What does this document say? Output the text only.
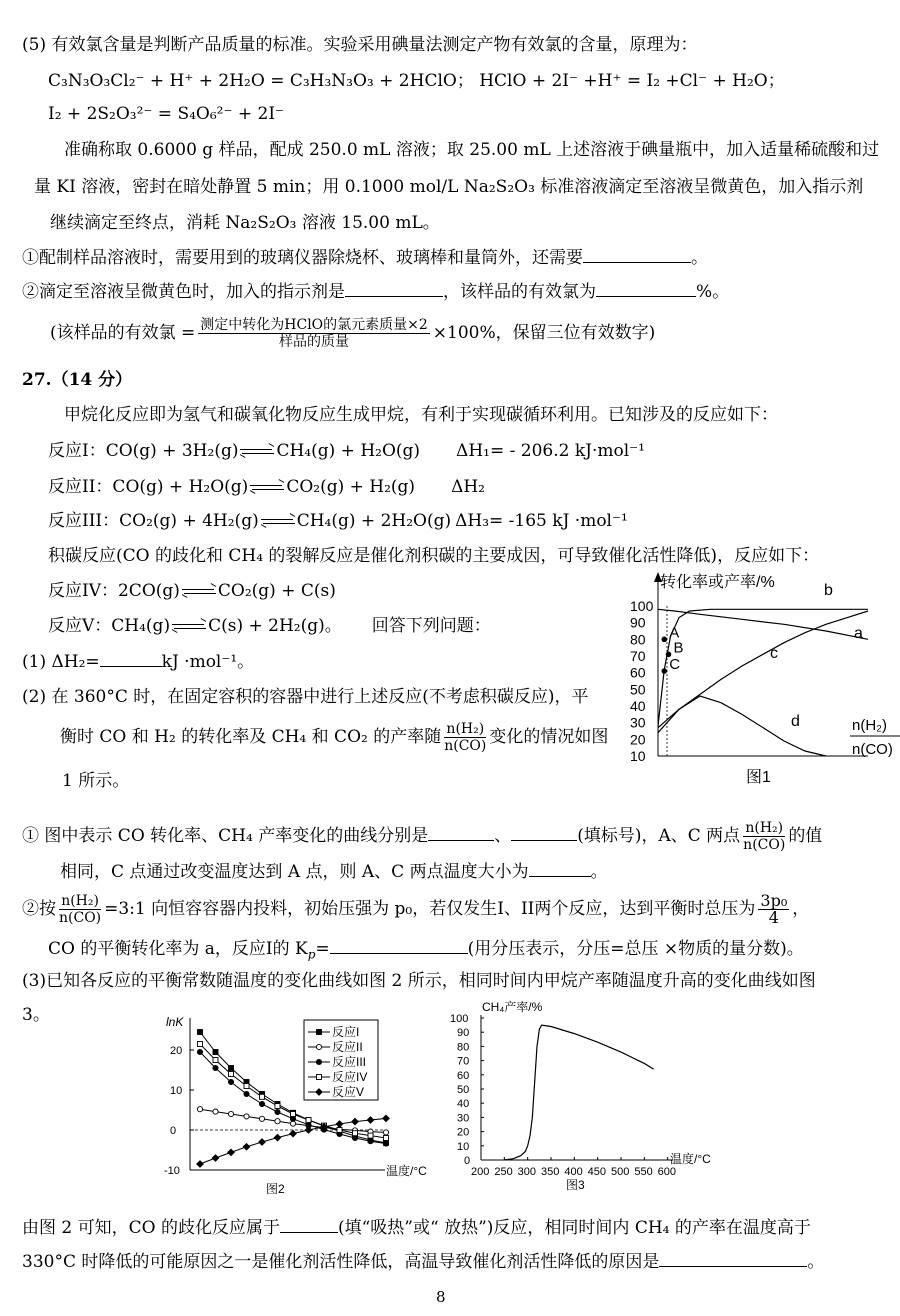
(5) 有效氯含量是判断产品质量的标准。实验采用碘量法测定产物有效氯的含量，原理为：
C₃N₃O₃Cl₂⁻ + H⁺ + 2H₂O = C₃H₃N₃O₃ + 2HClO； HClO + 2I⁻ +H⁺ = I₂ +Cl⁻ + H₂O；
I₂ + 2S₂O₃²⁻ = S₄O₆²⁻ + 2I⁻
准确称取 0.6000 g 样品，配成 250.0 mL 溶液；取 25.00 mL 上述溶液于碘量瓶中，加入适量稀硫酸和过
量 KI 溶液，密封在暗处静置 5 min；用 0.1000 mol/L Na₂S₂O₃ 标准溶液滴定至溶液呈微黄色，加入指示剂
继续滴定至终点，消耗 Na₂S₂O₃ 溶液 15.00 mL。
①配制样品溶液时，需要用到的玻璃仪器除烧杯、玻璃棒和量筒外，还需要	。
②滴定至溶液呈微黄色时，加入的指示剂是	，该样品的有效氯为	%。
(该样品的有效氯 = $\frac{\text{测定中转化为HClO的氯元素质量×2}}{\text{样品的质量}} \times 100\%$，保留三位有效数字)
27.（14 分）
甲烷化反应即为氢气和碳氧化物反应生成甲烷，有利于实现碳循环利用。已知涉及的反应如下：
反应I：CO(g) + 3H₂(g) CH₄(g) + H₂O(g) ΔH₁= - 206.2 kJ·mol⁻¹
反应II：CO(g) + H₂O(g) CO₂(g) + H₂(g) ΔH₂
反应III：CO₂(g) + 4H₂(g) CH₄(g) + 2H₂O(g) ΔH₃= -165 kJ ·mol⁻¹
积碳反应(CO 的歧化和 CH₄ 的裂解反应是催化剂积碳的主要成因，可导致催化活性降低)，反应如下：
反应IV：2CO(g) CO₂(g) + C(s)
反应V：CH₄(g) C(s) + 2H₂(g)。 回答下列问题：
(1) ΔH₂=	kJ ·mol⁻¹。
(2) 在 360°C 时，在固定容积的容器中进行上述反应(不考虑积碳反应)，平
衡时 CO 和 H₂ 的转化率及 CH₄ 和 CO₂ 的产率随 $\frac{\text{n(H₂)}}{n(CO)}$ 变化的情况如图
1 所示。
转化率或产率/%
100
90
80
70
60
50
40
30
20
10
a
b
c
d
A
B
C
n(H₂)
n(CO)
图1
① 图中表示 CO 转化率、CH₄ 产率变化的曲线分别是	、	(填标号)，A、C 两点 $\frac{\text{n(H₂)}}{n(CO)}$ 的值
相同，C 点通过改变温度达到 A 点，则 A、C 两点温度大小为	。
②按 $\frac{\text{n(H₂)}}{n(CO)}$ =3:1 向恒容容器内投料，初始压强为 p₀，若仅发生I、II两个反应，达到平衡时总压为 $\frac{\text{3p₀}}{4}$ ，
CO 的平衡转化率为 a，反应I的 $K_p=$	(用分压表示，分压=总压 ×物质的量分数)。
(3)已知各反应的平衡常数随温度的变化曲线如图 2 所示，相同时间内甲烷产率随温度升高的变化曲线如图
3。	lnK
20
10
0
-10
反应I
反应II
反应III
反应IV
反应V
温度/°C
图2
CH₄产率/%
100
90
80
70
60
50
40
30
20
10
0
200 250 300 350 400 450 500 550 600
温度/°C
图3
由图 2 可知，CO 的歧化反应属于	(填“吸热”或“ 放热”)反应，相同时间内 CH₄ 的产率在温度高于
330°C 时降低的可能原因之一是催化剂活性降低，高温导致催化剂活性降低的原因是	。
8
